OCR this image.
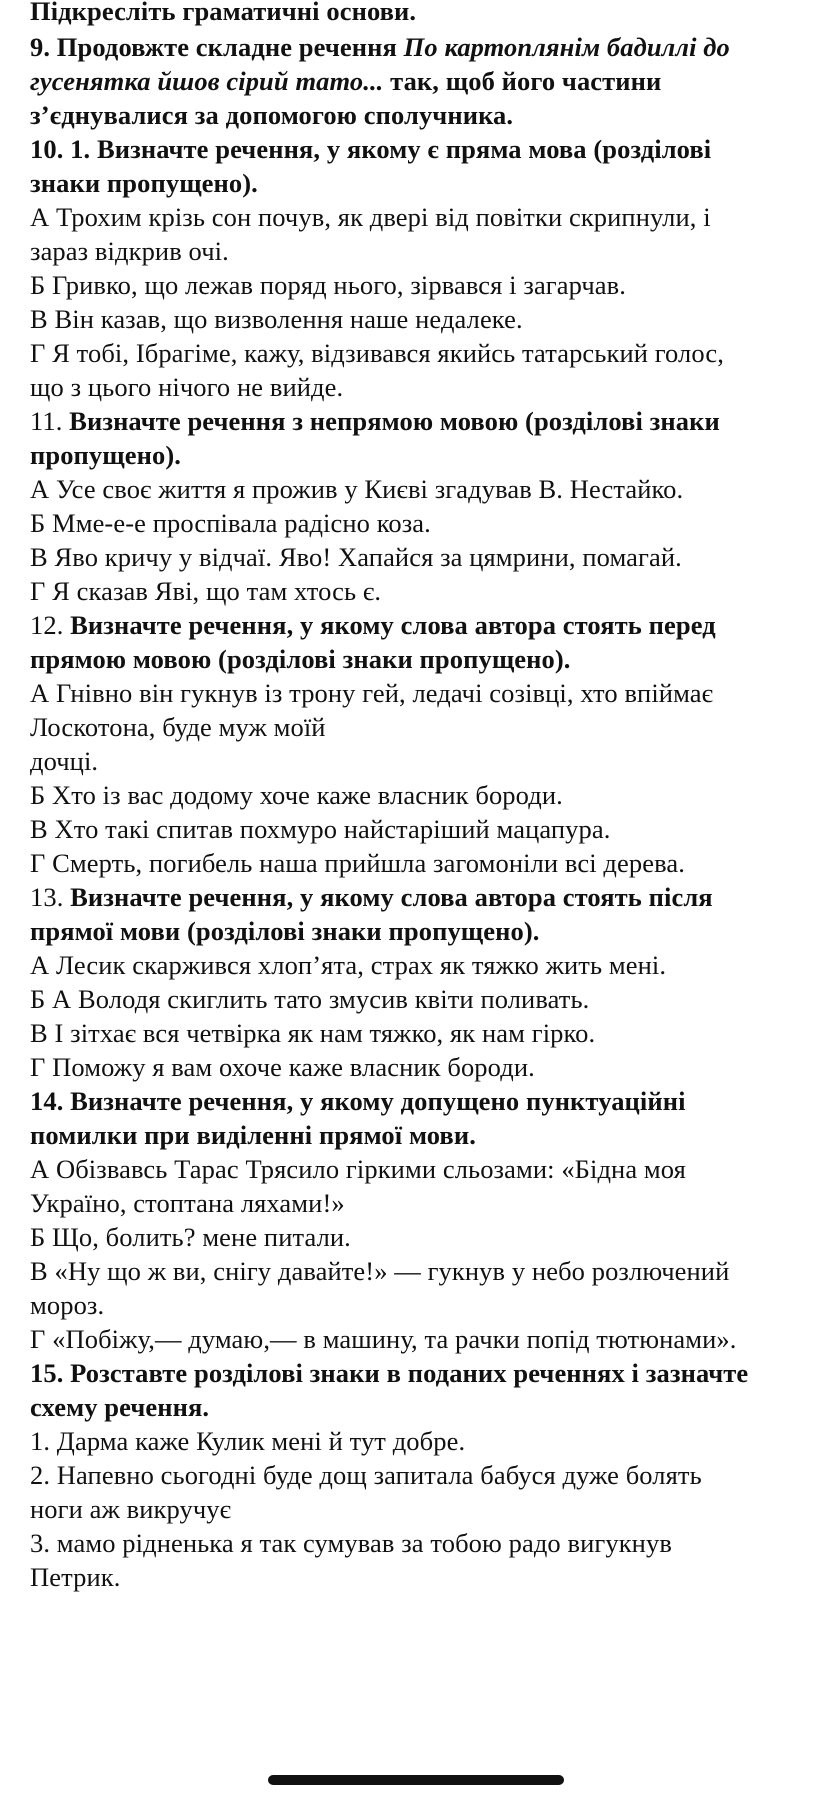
Підкресліть граматичні основи.
9. Продовжте складне речення По картоплянім бадиллі до
гусенятка йшов сірий тато... так, щоб його частини
з’єднувалися за допомогою сполучника.
10. 1. Визначте речення, у якому є пряма мова (розділові
знаки пропущено).
А Трохим крізь сон почув, як двері від повітки скрипнули, і
зараз відкрив очі.
Б Гривко, що лежав поряд нього, зірвався і загарчав.
В Він казав, що визволення наше недалеке.
Г Я тобі, Ібрагіме, кажу, відзивався якийсь татарський голос,
що з цього нічого не вийде.
11. Визначте речення з непрямою мовою (розділові знаки
пропущено).
А Усе своє життя я прожив у Києві згадував В. Нестайко.
Б Мме-е-е проспівала радісно коза.
В Яво кричу у відчаї. Яво! Хапайся за цямрини, помагай.
Г Я сказав Яві, що там хтось є.
12. Визначте речення, у якому слова автора стоять перед
прямою мовою (розділові знаки пропущено).
А Гнівно він гукнув із трону гей, ледачі созівці, хто впіймає
Лоскотона, буде муж моїй
дочці.
Б Хто із вас додому хоче каже власник бороди.
В Хто такі спитав похмуро найстаріший мацапура.
Г Смерть, погибель наша прийшла загомоніли всі дерева.
13. Визначте речення, у якому слова автора стоять після
прямої мови (розділові знаки пропущено).
А Лесик скаржився хлоп’ята, страх як тяжко жить мені.
Б А Володя скиглить тато змусив квіти поливать.
В І зітхає вся четвірка як нам тяжко, як нам гірко.
Г Поможу я вам охоче каже власник бороди.
14. Визначте речення, у якому допущено пунктуаційні
помилки при виділенні прямої мови.
А Обізвавсь Тарас Трясило гіркими сльозами: «Бідна моя
Україно, стоптана ляхами!»
Б Що, болить? мене питали.
В «Ну що ж ви, снігу давайте!» — гукнув у небо розлючений
мороз.
Г «Побіжу,— думаю,— в машину, та рачки попід тютюнами».
15. Розставте розділові знаки в поданих реченнях і зазначте
схему речення.
1. Дарма каже Кулик мені й тут добре.
2. Напевно сьогодні буде дощ запитала бабуся дуже болять
ноги аж викручує
3. мамо рідненька я так сумував за тобою радо вигукнув
Петрик.
